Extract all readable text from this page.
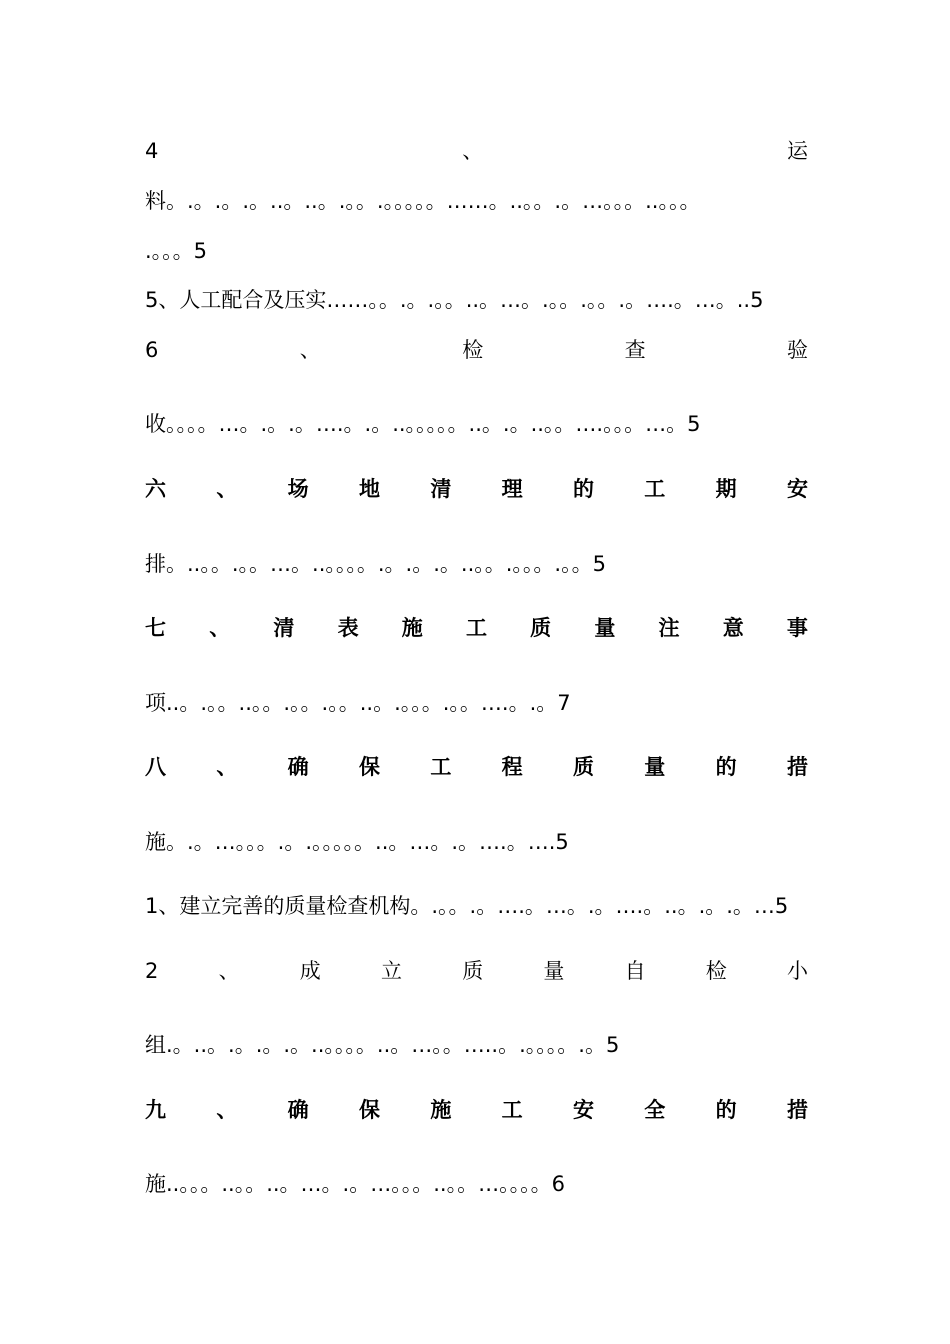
4	、	运
料。.。.。.。..。..。.。。.。。。。。……。..。。.。…。。。..。。。
.。。。5
5、人工配合及压实……。。.。.。。..。…。.。。.。。.。….。…。..5
6	、	检	查	验
收。。。。…。.。.。….。.。..。。。。。..。.。..。。….。。。…。5
六 、 场 地 清 理 的 工 期 安
排。..。。.。。…。..。。。。.。.。.。..。。.。。。.。。5
七 、 清 表 施 工 质 量 注 意 事
项..。.。。..。。.。。.。。..。.。。。.。。….。.。7
八 、 确 保 工 程 质 量 的 措
施。.。…。。。.。.。。。。。..。…。.。….。….5
1、建立完善的质量检查机构。.。。.。….。…。.。….。..。.。.。…5
2	、	成	立	质	量	自	检	小
组.。..。.。.。.。..。。。。..。…。。…..。.。。。。.。5
九 、 确 保 施 工 安 全 的 措
施..。。。..。。..。…。.。…。。。..。。…。。。。6
